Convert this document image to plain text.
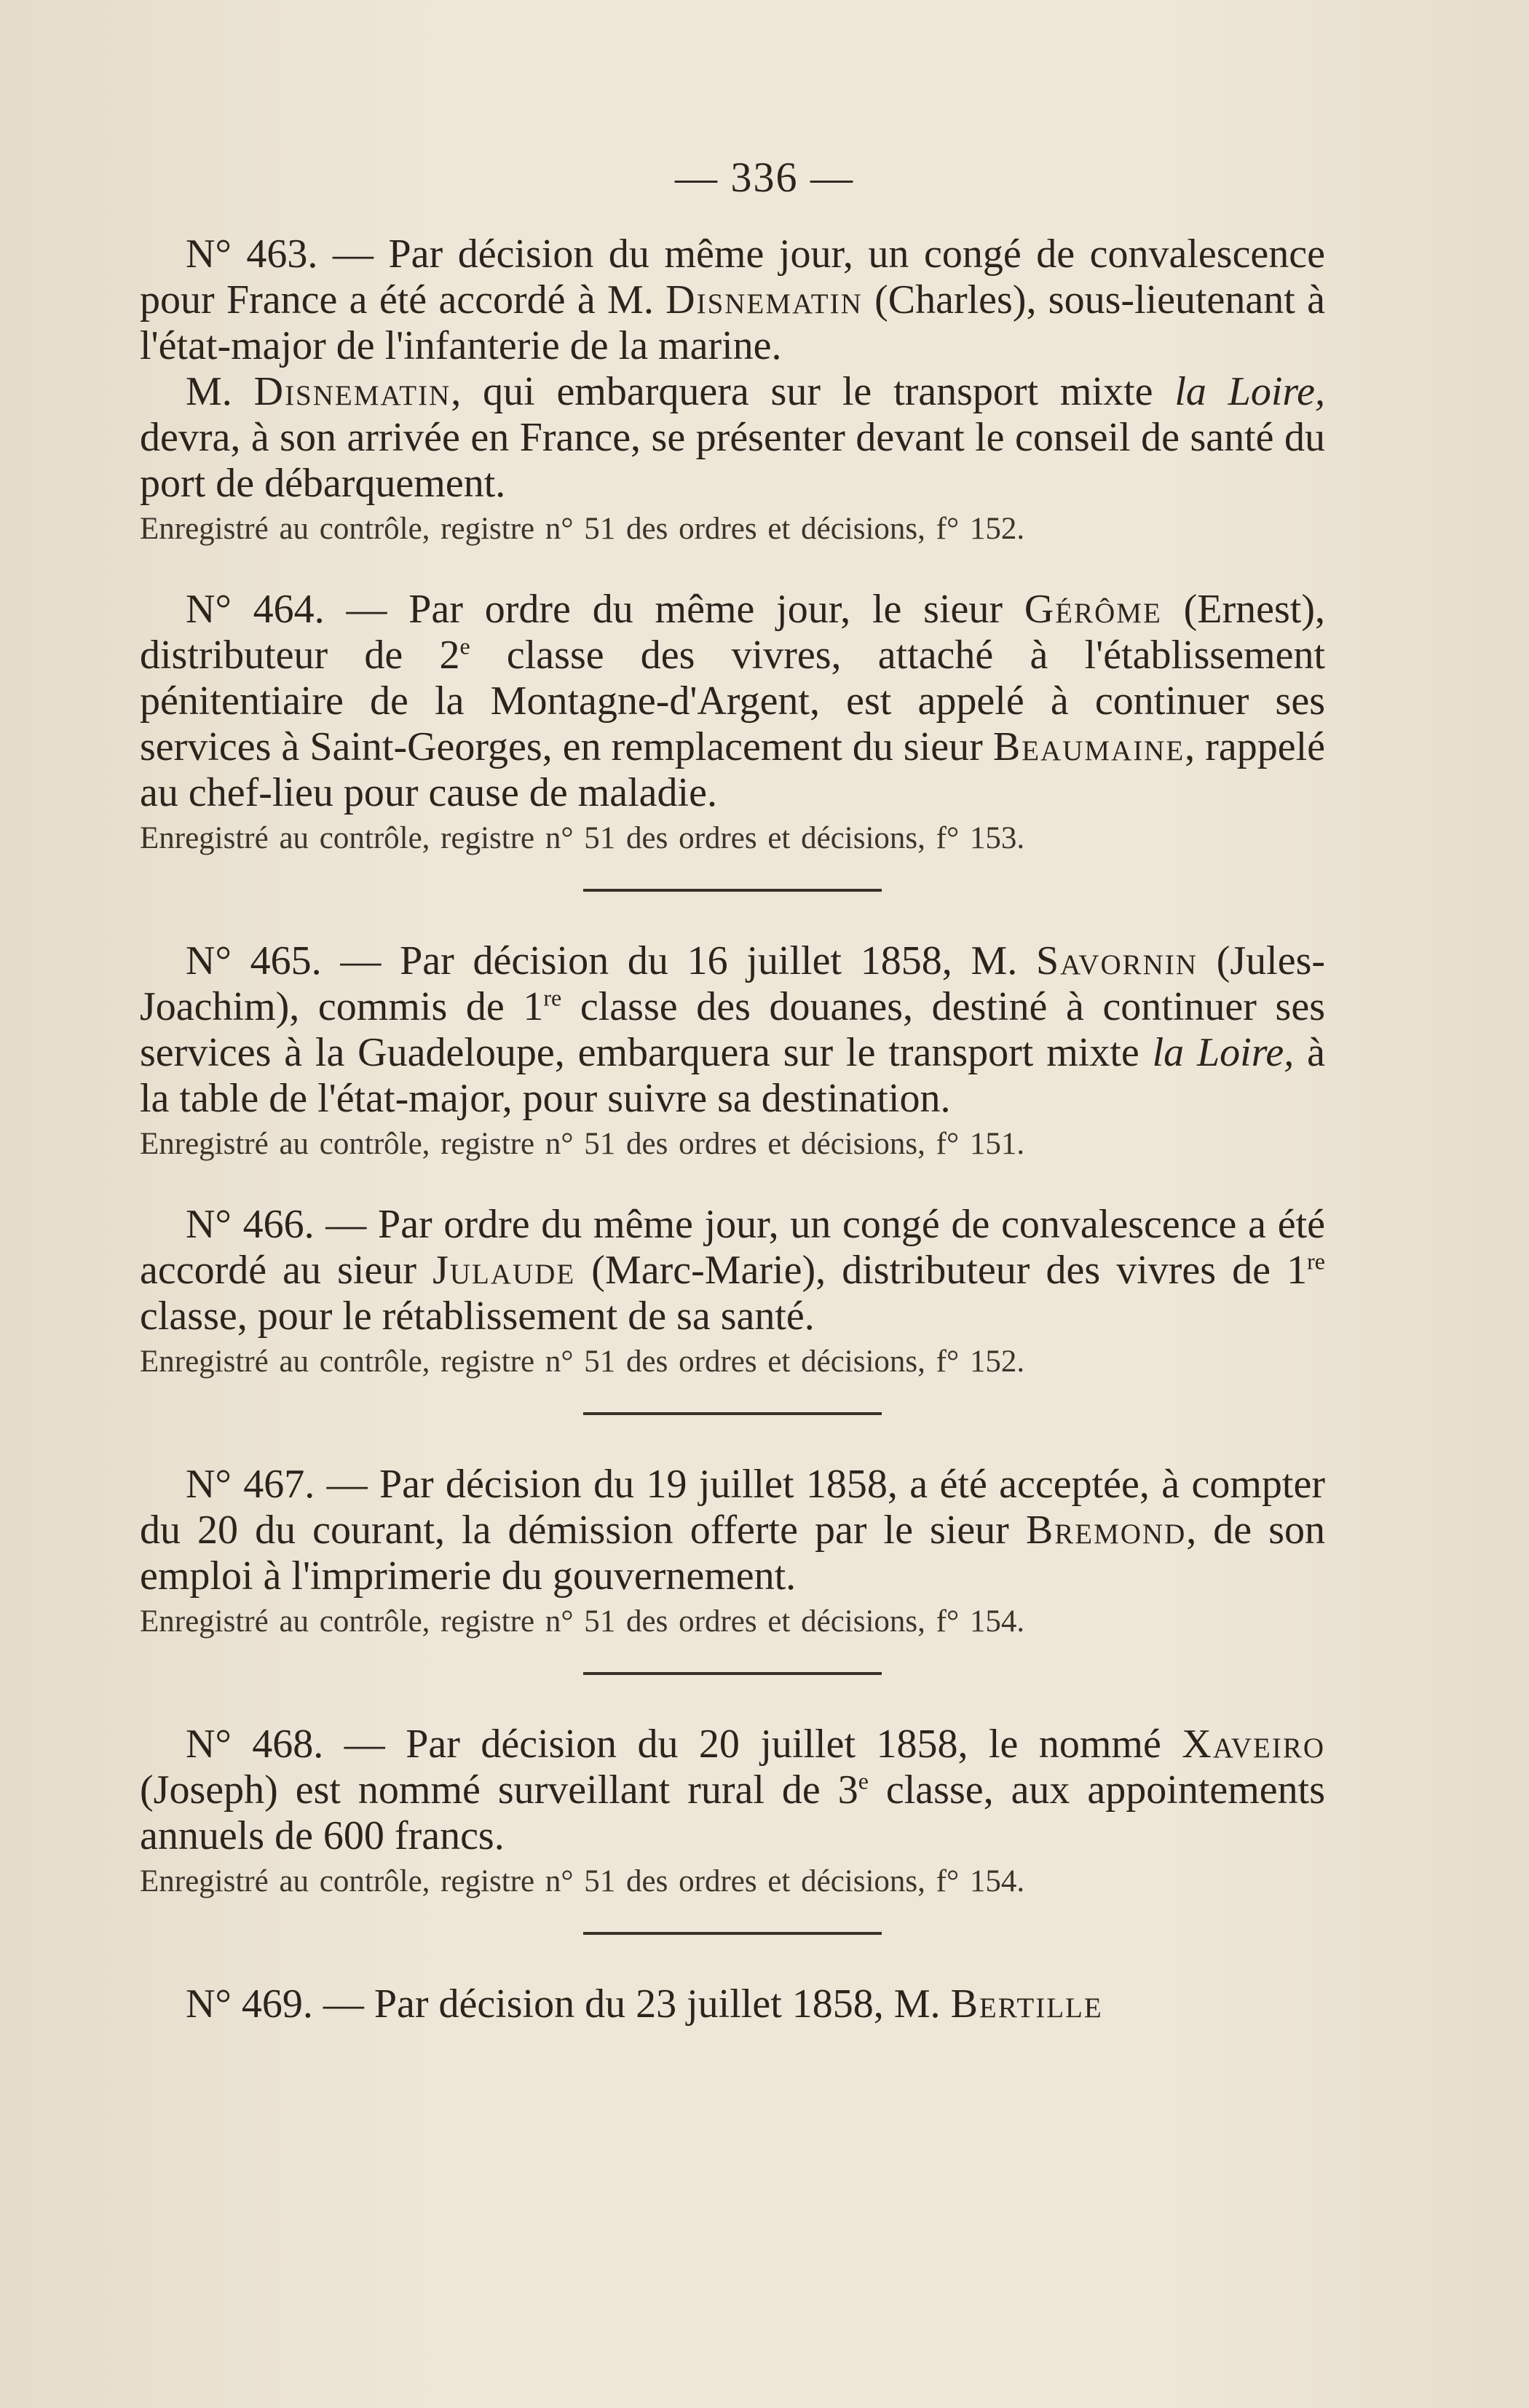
— 336 —

N° 463. — Par décision du même jour, un congé de convalescence pour France a été accordé à M. Disnematin (Charles), sous-lieutenant à l'état-major de l'infanterie de la marine.

M. Disnematin, qui embarquera sur le transport mixte la Loire, devra, à son arrivée en France, se présenter devant le conseil de santé du port de débarquement.

Enregistré au contrôle, registre n° 51 des ordres et décisions, f° 152.

N° 464. — Par ordre du même jour, le sieur Gérôme (Ernest), distributeur de 2e classe des vivres, attaché à l'établissement pénitentiaire de la Montagne-d'Argent, est appelé à continuer ses services à Saint-Georges, en remplacement du sieur Beaumaine, rappelé au chef-lieu pour cause de maladie.

Enregistré au contrôle, registre n° 51 des ordres et décisions, f° 153.

N° 465. — Par décision du 16 juillet 1858, M. Savornin (Jules-Joachim), commis de 1re classe des douanes, destiné à continuer ses services à la Guadeloupe, embarquera sur le transport mixte la Loire, à la table de l'état-major, pour suivre sa destination.

Enregistré au contrôle, registre n° 51 des ordres et décisions, f° 151.

N° 466. — Par ordre du même jour, un congé de convalescence a été accordé au sieur Julaude (Marc-Marie), distributeur des vivres de 1re classe, pour le rétablissement de sa santé.

Enregistré au contrôle, registre n° 51 des ordres et décisions, f° 152.

N° 467. — Par décision du 19 juillet 1858, a été acceptée, à compter du 20 du courant, la démission offerte par le sieur Bremond, de son emploi à l'imprimerie du gouvernement.

Enregistré au contrôle, registre n° 51 des ordres et décisions, f° 154.

N° 468. — Par décision du 20 juillet 1858, le nommé Xaveiro (Joseph) est nommé surveillant rural de 3e classe, aux appointements annuels de 600 francs.

Enregistré au contrôle, registre n° 51 des ordres et décisions, f° 154.

N° 469. — Par décision du 23 juillet 1858, M. Bertille
